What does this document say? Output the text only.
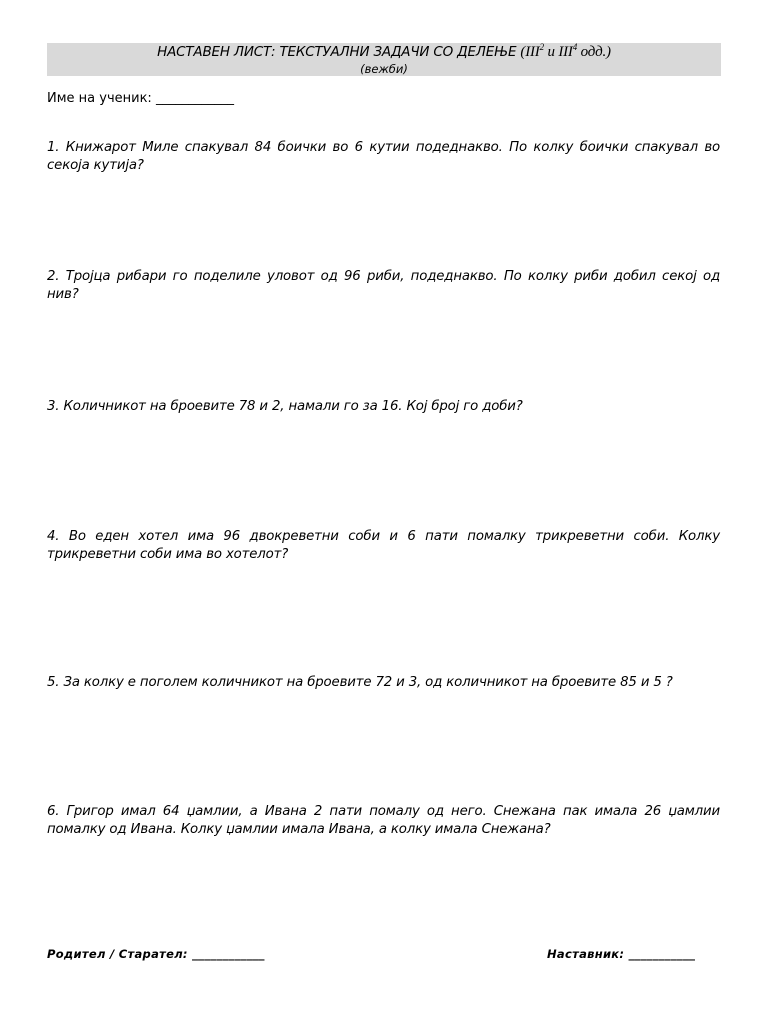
НАСТАВЕН ЛИСТ: ТЕКСТУАЛНИ ЗАДАЧИ СО ДЕЛЕЊЕ (III$^2$ и III$^4$ одд.)
(вежби)
Име на ученик: ____________
1. Книжарот Миле спакувал 84 боички во 6 кутии подеднакво. По колку боички спакувал во секоја кутија?
2. Тројца рибари го поделиле уловот од 96 риби, подеднакво. По колку риби добил секој од нив?
3. Количникот на броевите 78 и 2, намали го за 16. Кој број го доби?
4. Во еден хотел има 96 двокреветни соби и 6 пати помалку трикреветни соби. Колку трикреветни соби има во хотелот?
5. За колку е поголем количникот на броевите 72 и 3, од количникот на броевите 85 и 5 ?
6. Григор имал 64 џамлии, а Ивана 2 пати помалу од него. Снежана пак имала 26 џамлии помалку од Ивана. Колку џамлии имала Ивана, а колку имала Снежана?
Родител / Старател: ____________	Наставник: ___________
